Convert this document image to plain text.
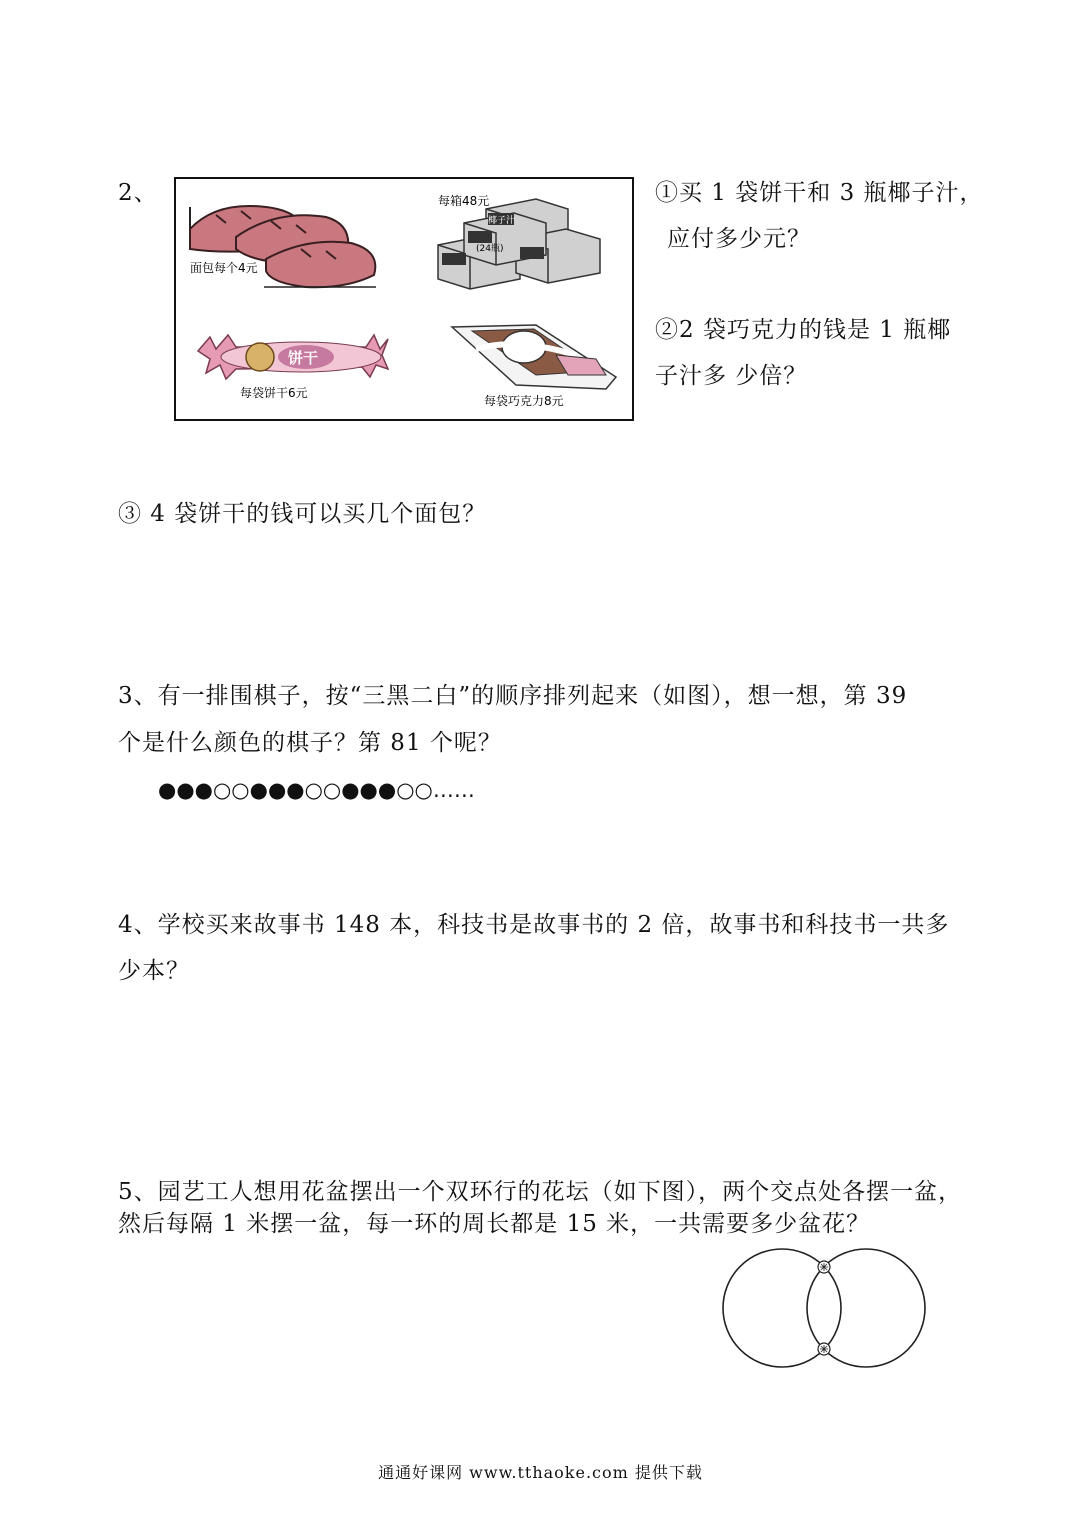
2、
面包每个4元
每箱48元
椰子汁
(24瓶)
饼干
每袋饼干6元
每袋巧克力8元
①买 1 袋饼干和 3 瓶椰子汁，
应付多少元？
②2 袋巧克力的钱是 1 瓶椰
子汁多 少倍？
③ 4 袋饼干的钱可以买几个面包？
3、有一排围棋子，按“三黑二白”的顺序排列起来（如图），想一想，第 39
个是什么颜色的棋子？第 81 个呢？
●●●○○●●●○○●●●○○……
4、学校买来故事书 148 本，科技书是故事书的 2 倍，故事书和科技书一共多
少本？
5、园艺工人想用花盆摆出一个双环行的花坛（如下图），两个交点处各摆一盆，
然后每隔 1 米摆一盆，每一环的周长都是 15 米，一共需要多少盆花？
通通好课网 www.tthaoke.com 提供下载
